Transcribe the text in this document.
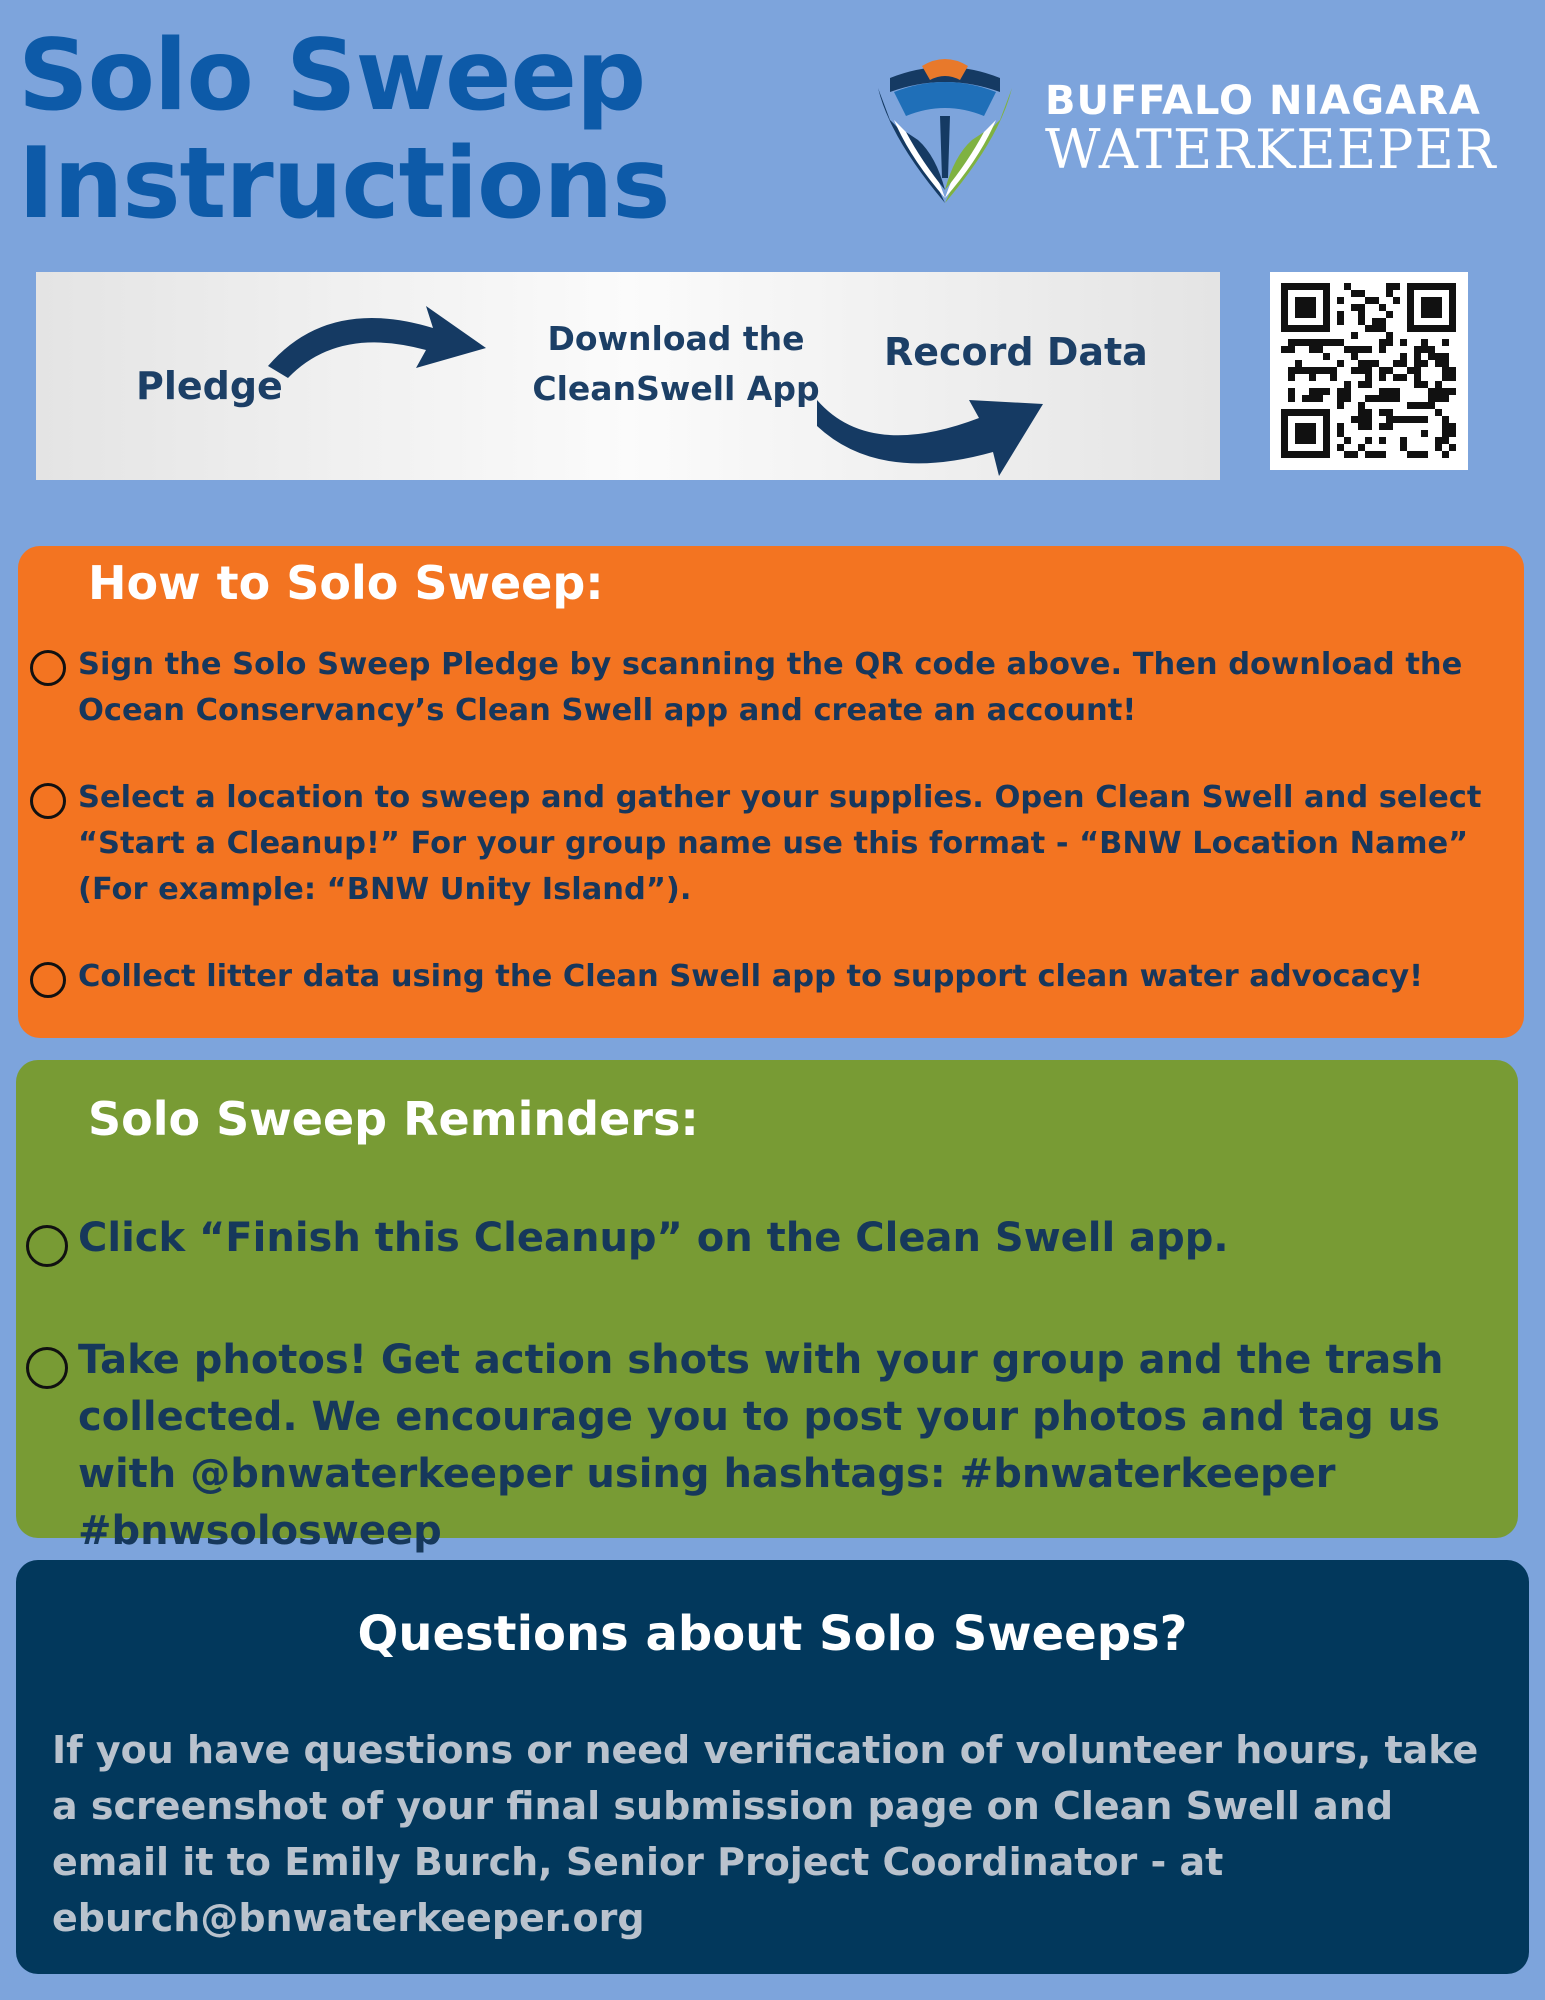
Solo Sweep
Instructions
BUFFALO NIAGARA
WATERKEEPER
Pledge
Download the
CleanSwell App
Record Data
How to Solo Sweep:
Sign the Solo Sweep Pledge by scanning the QR code above. Then download the Ocean Conservancy’s Clean Swell app and create an account!
Select a location to sweep and gather your supplies. Open Clean Swell and select “Start a Cleanup!” For your group name use this format - “BNW Location Name” (For example: “BNW Unity Island”).
Collect litter data using the Clean Swell app to support clean water advocacy!
Solo Sweep Reminders:
Click “Finish this Cleanup” on the Clean Swell app.
Take photos! Get action shots with your group and the trash collected. We encourage you to post your photos and tag us with @bnwaterkeeper using hashtags: #bnwaterkeeper #bnwsolosweep
Questions about Solo Sweeps?
If you have questions or need verification of volunteer hours, take a screenshot of your final submission page on Clean Swell and email it to Emily Burch, Senior Project Coordinator - at eburch@bnwaterkeeper.org
